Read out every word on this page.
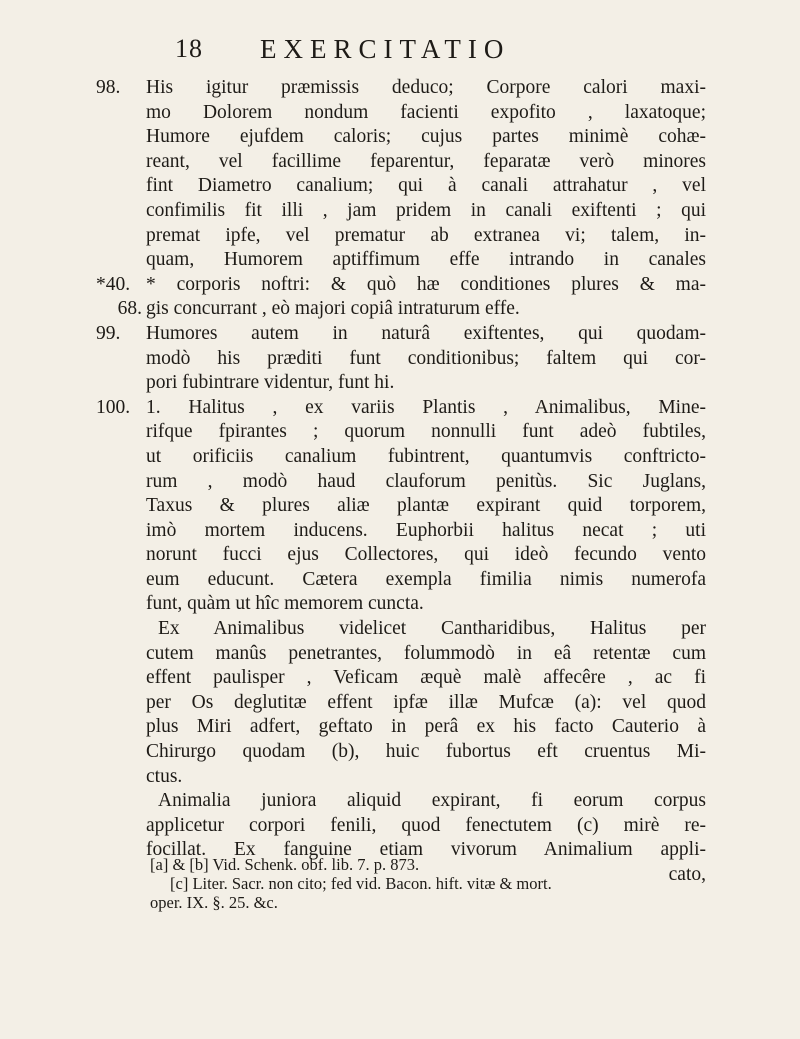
18 EXERCITATIO
98.	His igitur præmissis deduco; Corpore calori maxi-
mo Dolorem nondum facienti expofito , laxatoque;
Humore ejufdem caloris; cujus partes minimè cohæ-
reant, vel facillime feparentur, feparatæ verò minores
fint Diametro canalium; qui à canali attrahatur , vel
confimilis fit illi , jam pridem in canali exiftenti ; qui
premat ipfe, vel prematur ab extranea vi; talem, in-
quam, Humorem aptiffimum effe intrando in canales
*40. * corporis noftri: & quò hæ conditiones plures & ma-
68. gis concurrant , eò majori copiâ intraturum effe.
99.	Humores autem in naturâ exiftentes, qui quodam-
modò his præditi funt conditionibus; faltem qui cor-
pori fubintrare videntur, funt hi.
100. 1. Halitus , ex variis Plantis , Animalibus, Mine-
rifque fpirantes ; quorum nonnulli funt adeò fubtiles,
ut orificiis canalium fubintrent, quantumvis conftricto-
rum , modò haud clauforum penitùs. Sic Juglans,
Taxus & plures aliæ plantæ expirant quid torporem,
imò mortem inducens. Euphorbii halitus necat ; uti
norunt fucci ejus Collectores, qui ideò fecundo vento
eum educunt. Cætera exempla fimilia nimis numerofa
funt, quàm ut hîc memorem cuncta.
Ex Animalibus videlicet Cantharidibus, Halitus per
cutem manûs penetrantes, folummodò in eâ retentæ cum
effent paulisper , Veficam æquè malè affecêre , ac fi
per Os deglutitæ effent ipfæ illæ Mufcæ (a): vel quod
plus Miri adfert, geftato in perâ ex his facto Cauterio à
Chirurgo quodam (b), huic fubortus eft cruentus Mi-
ctus.
Animalia juniora aliquid expirant, fi eorum corpus
applicetur corpori fenili, quod fenectutem (c) mirè re-
focillat. Ex fanguine etiam vivorum Animalium appli-
cato,
[a] & [b] Vid. Schenk. obf. lib. 7. p. 873.
[c] Liter. Sacr. non cito; fed vid. Bacon. hift. vitæ & mort.
oper. IX. §. 25. &c.
